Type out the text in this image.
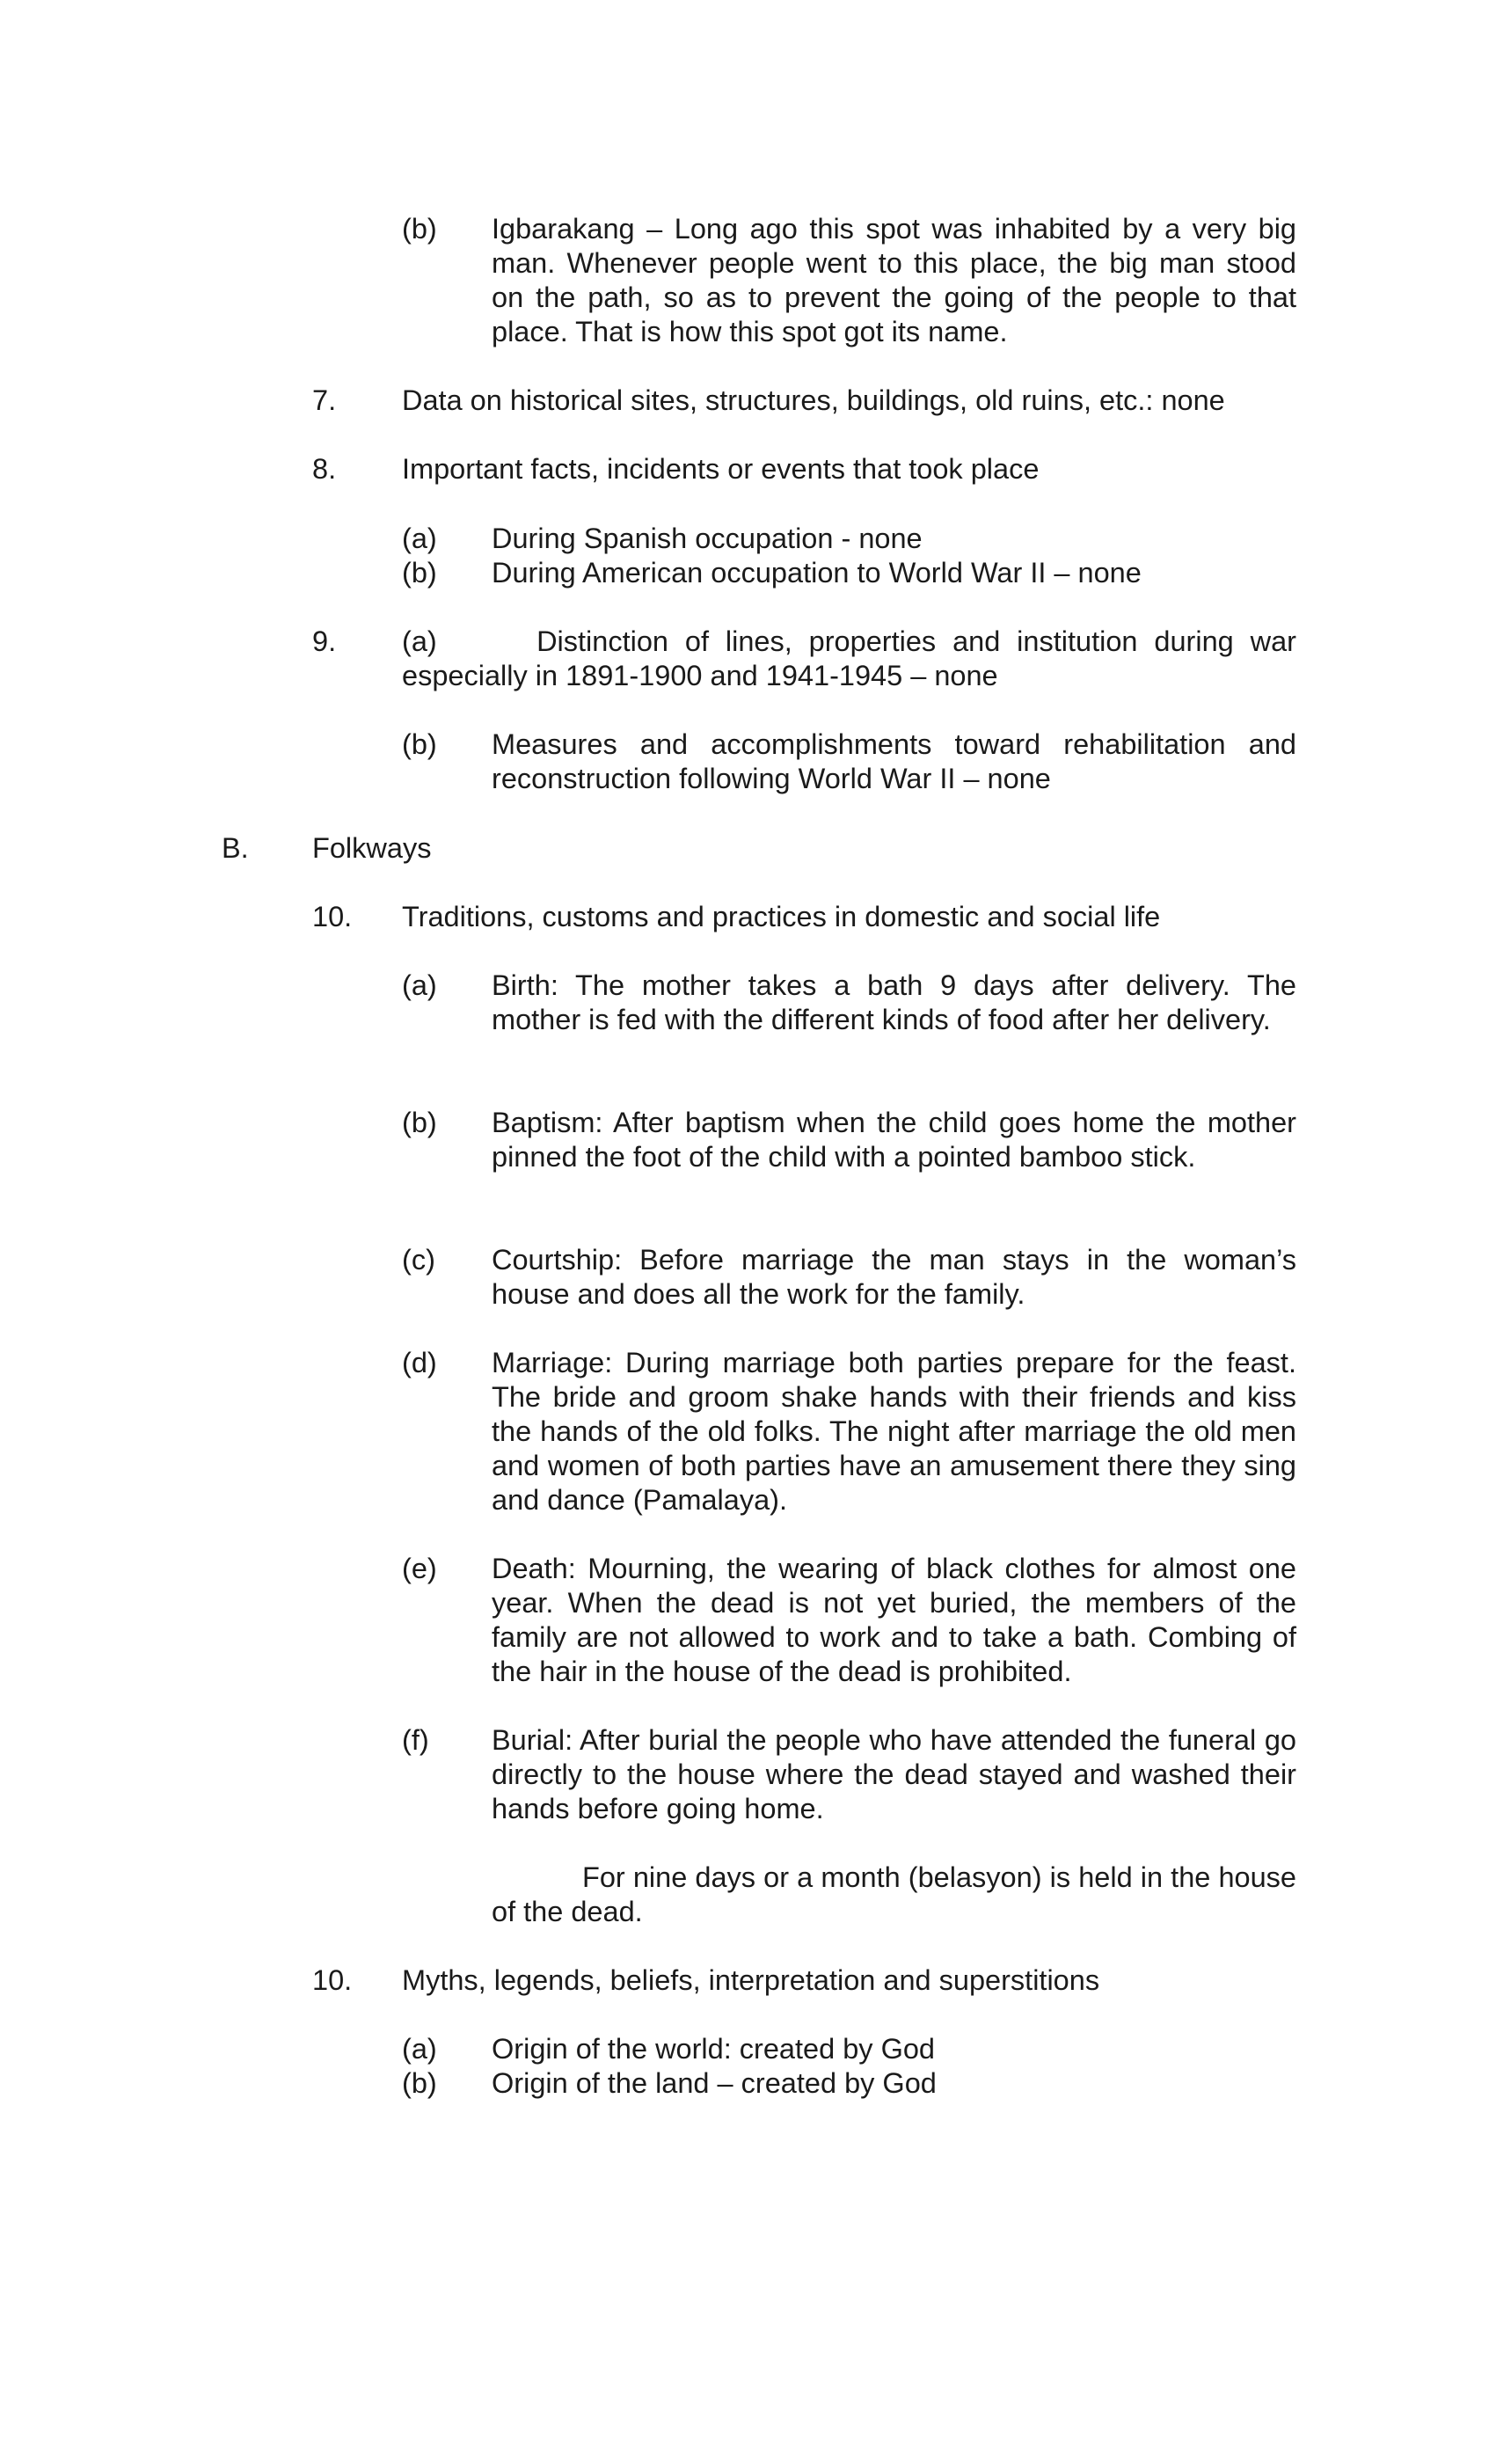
(b) Igbarakang – Long ago this spot was inhabited by a very big man. Whenever people went to this place, the big man stood on the path, so as to prevent the going of the people to that place. That is how this spot got its name.
7. Data on historical sites, structures, buildings, old ruins, etc.: none
8. Important facts, incidents or events that took place
(a) During Spanish occupation - none
(b) During American occupation to World War II – none
9. (a)      Distinction of lines, properties and institution during war especially in 1891-1900 and 1941-1945 – none
(b) Measures and accomplishments toward rehabilitation and reconstruction following World War II – none
B. Folkways
10. Traditions, customs and practices in domestic and social life
(a) Birth: The mother takes a bath 9 days after delivery. The mother is fed with the different kinds of food after her delivery.
(b) Baptism: After baptism when the child goes home the mother pinned the foot of the child with a pointed bamboo stick.
(c) Courtship: Before marriage the man stays in the woman’s house and does all the work for the family.
(d) Marriage: During marriage both parties prepare for the feast. The bride and groom shake hands with their friends and kiss the hands of the old folks. The night after marriage the old men and women of both parties have an amusement there they sing and dance (Pamalaya).
(e) Death: Mourning, the wearing of black clothes for almost one year. When the dead is not yet buried, the members of the family are not allowed to work and to take a bath. Combing of the hair in the house of the dead is prohibited.
(f) Burial: After burial the people who have attended the funeral go directly to the house where the dead stayed and washed their hands before going home.
For nine days or a month (belasyon) is held in the house of the dead.
10. Myths, legends, beliefs, interpretation and superstitions
(a) Origin of the world: created by God
(b) Origin of the land – created by God
